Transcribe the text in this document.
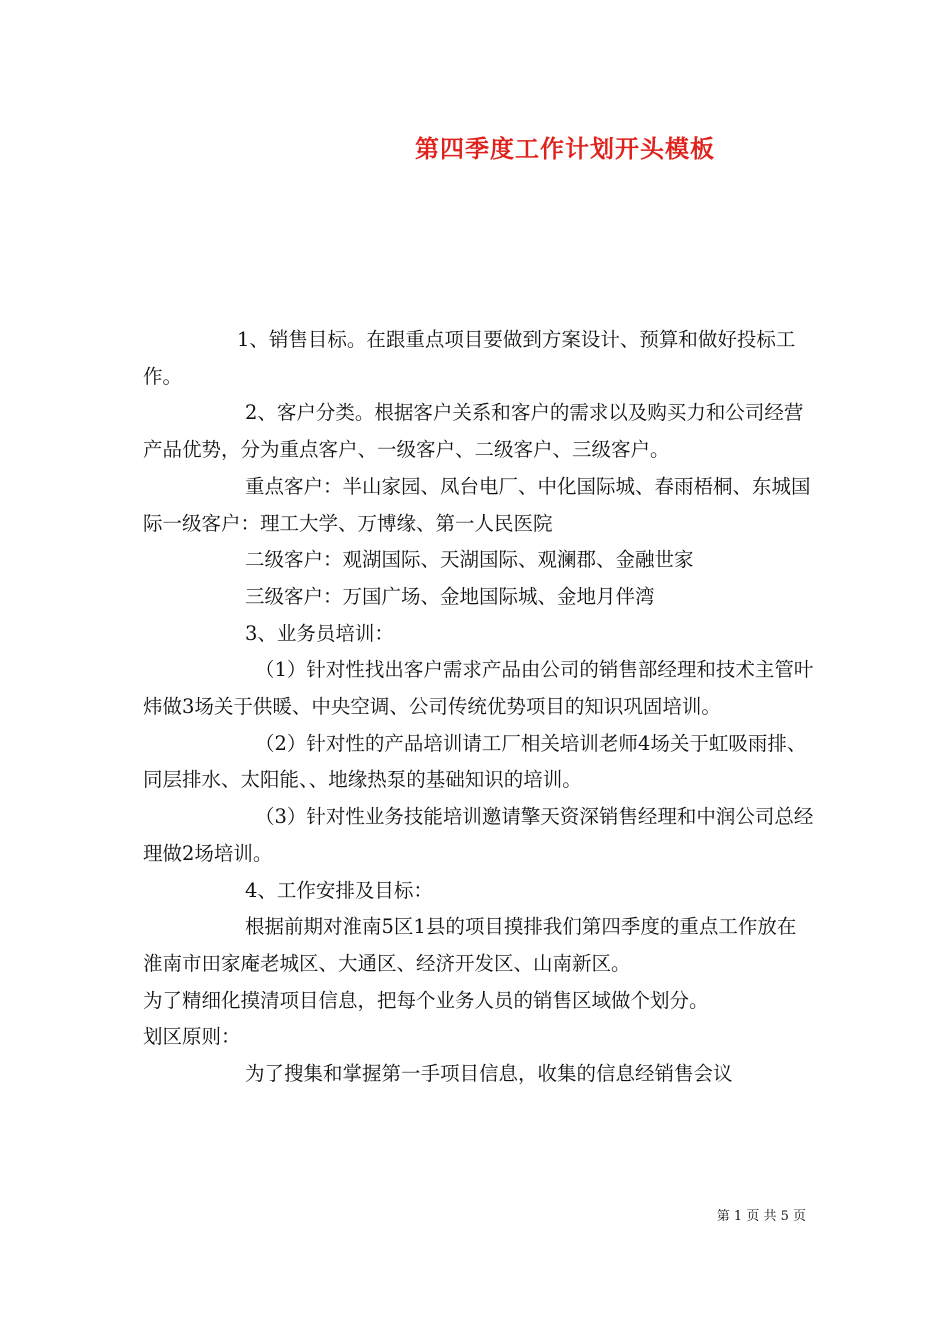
第四季度工作计划开头模板

1、销售目标。在跟重点项目要做到方案设计、预算和做好投标工作。

2、客户分类。根据客户关系和客户的需求以及购买力和公司经营产品优势，分为重点客户、一级客户、二级客户、三级客户。

重点客户：半山家园、凤台电厂、中化国际城、春雨梧桐、东城国际一级客户：理工大学、万博缘、第一人民医院

二级客户：观湖国际、天湖国际、观澜郡、金融世家

三级客户：万国广场、金地国际城、金地月伴湾

3、业务员培训：

（1）针对性找出客户需求产品由公司的销售部经理和技术主管叶炜做3场关于供暖、中央空调、公司传统优势项目的知识巩固培训。

（2）针对性的产品培训请工厂相关培训老师4场关于虹吸雨排、同层排水、太阳能、、地缘热泵的基础知识的培训。

（3）针对性业务技能培训邀请擎天资深销售经理和中润公司总经理做2场培训。

4、工作安排及目标：

根据前期对淮南5区1县的项目摸排我们第四季度的重点工作放在淮南市田家庵老城区、大通区、经济开发区、山南新区。

为了精细化摸清项目信息，把每个业务人员的销售区域做个划分。

划区原则：

为了搜集和掌握第一手项目信息，收集的信息经销售会议

第 1 页 共 5 页
